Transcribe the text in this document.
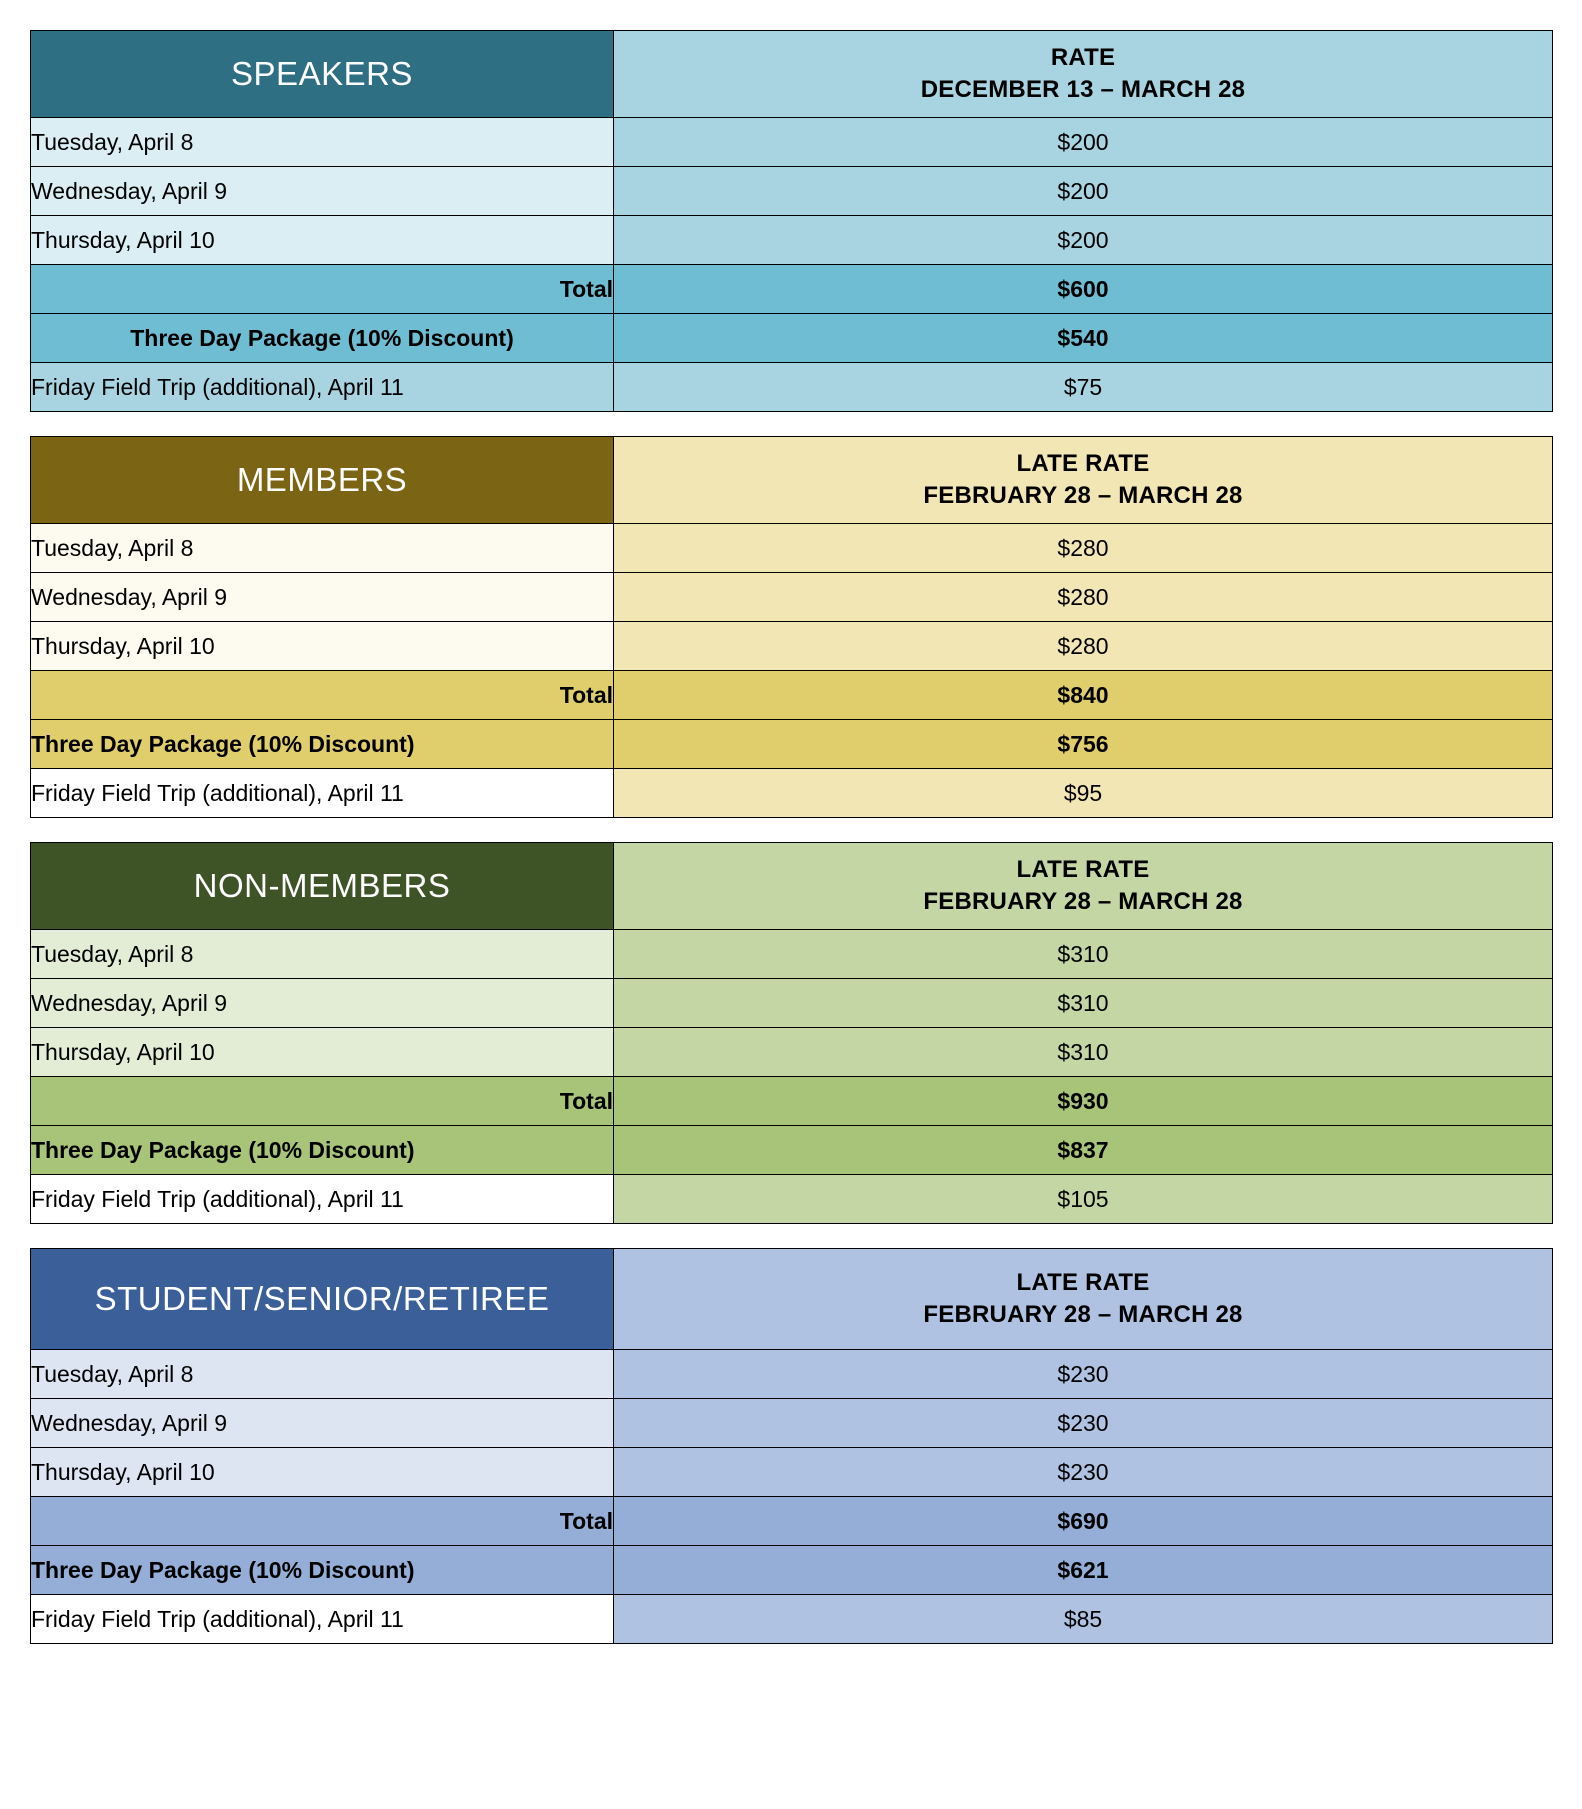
SPEAKERS	RATE
DECEMBER 13 – MARCH 28

Tuesday, April 8	$200
Wednesday, April 9	$200
Thursday, April 10	$200
Total	$600
Three Day Package (10% Discount)	$540
Friday Field Trip (additional), April 11	$75
MEMBERS	LATE RATE
FEBRUARY 28 – MARCH 28

Tuesday, April 8	$280
Wednesday, April 9	$280
Thursday, April 10	$280
Total	$840
Three Day Package (10% Discount)	$756
Friday Field Trip (additional), April 11	$95
NON-MEMBERS	LATE RATE
FEBRUARY 28 – MARCH 28

Tuesday, April 8	$310
Wednesday, April 9	$310
Thursday, April 10	$310
Total	$930
Three Day Package (10% Discount)	$837
Friday Field Trip (additional), April 11	$105
STUDENT/SENIOR/RETIREE	LATE RATE
FEBRUARY 28 – MARCH 28

Tuesday, April 8	$230
Wednesday, April 9	$230
Thursday, April 10	$230
Total	$690
Three Day Package (10% Discount)	$621
Friday Field Trip (additional), April 11	$85
